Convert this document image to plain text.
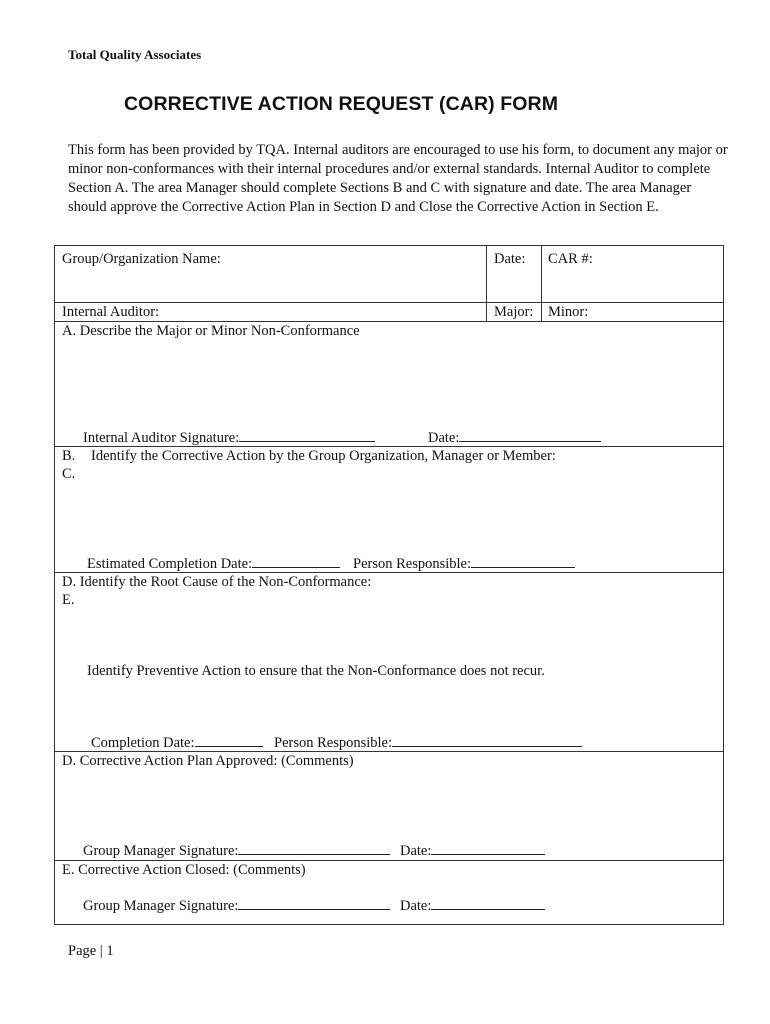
Total Quality Associates
CORRECTIVE ACTION REQUEST (CAR) FORM
This form has been provided by TQA. Internal auditors are encouraged to use his form, to document any major or minor non-conformances with their internal procedures and/or external standards. Internal Auditor to complete Section A. The area Manager should complete Sections B and C with signature and date. The area Manager should approve the Corrective Action Plan in Section D and Close the Corrective Action in Section E.
Group/Organization Name:	Date: CAR #:
Internal Auditor:	Major: Minor:
A. Describe the Major or Minor Non-Conformance
Internal Auditor Signature:	Date:
B. Identify the Corrective Action by the Group Organization, Manager or Member:
C.
Estimated Completion Date:	Person Responsible:
D. Identify the Root Cause of the Non-Conformance:
E.
Identify Preventive Action to ensure that the Non-Conformance does not recur.
Completion Date:	Person Responsible:
D. Corrective Action Plan Approved: (Comments)
Group Manager Signature:	Date:
E. Corrective Action Closed: (Comments)
Group Manager Signature:	Date:
Page | 1
